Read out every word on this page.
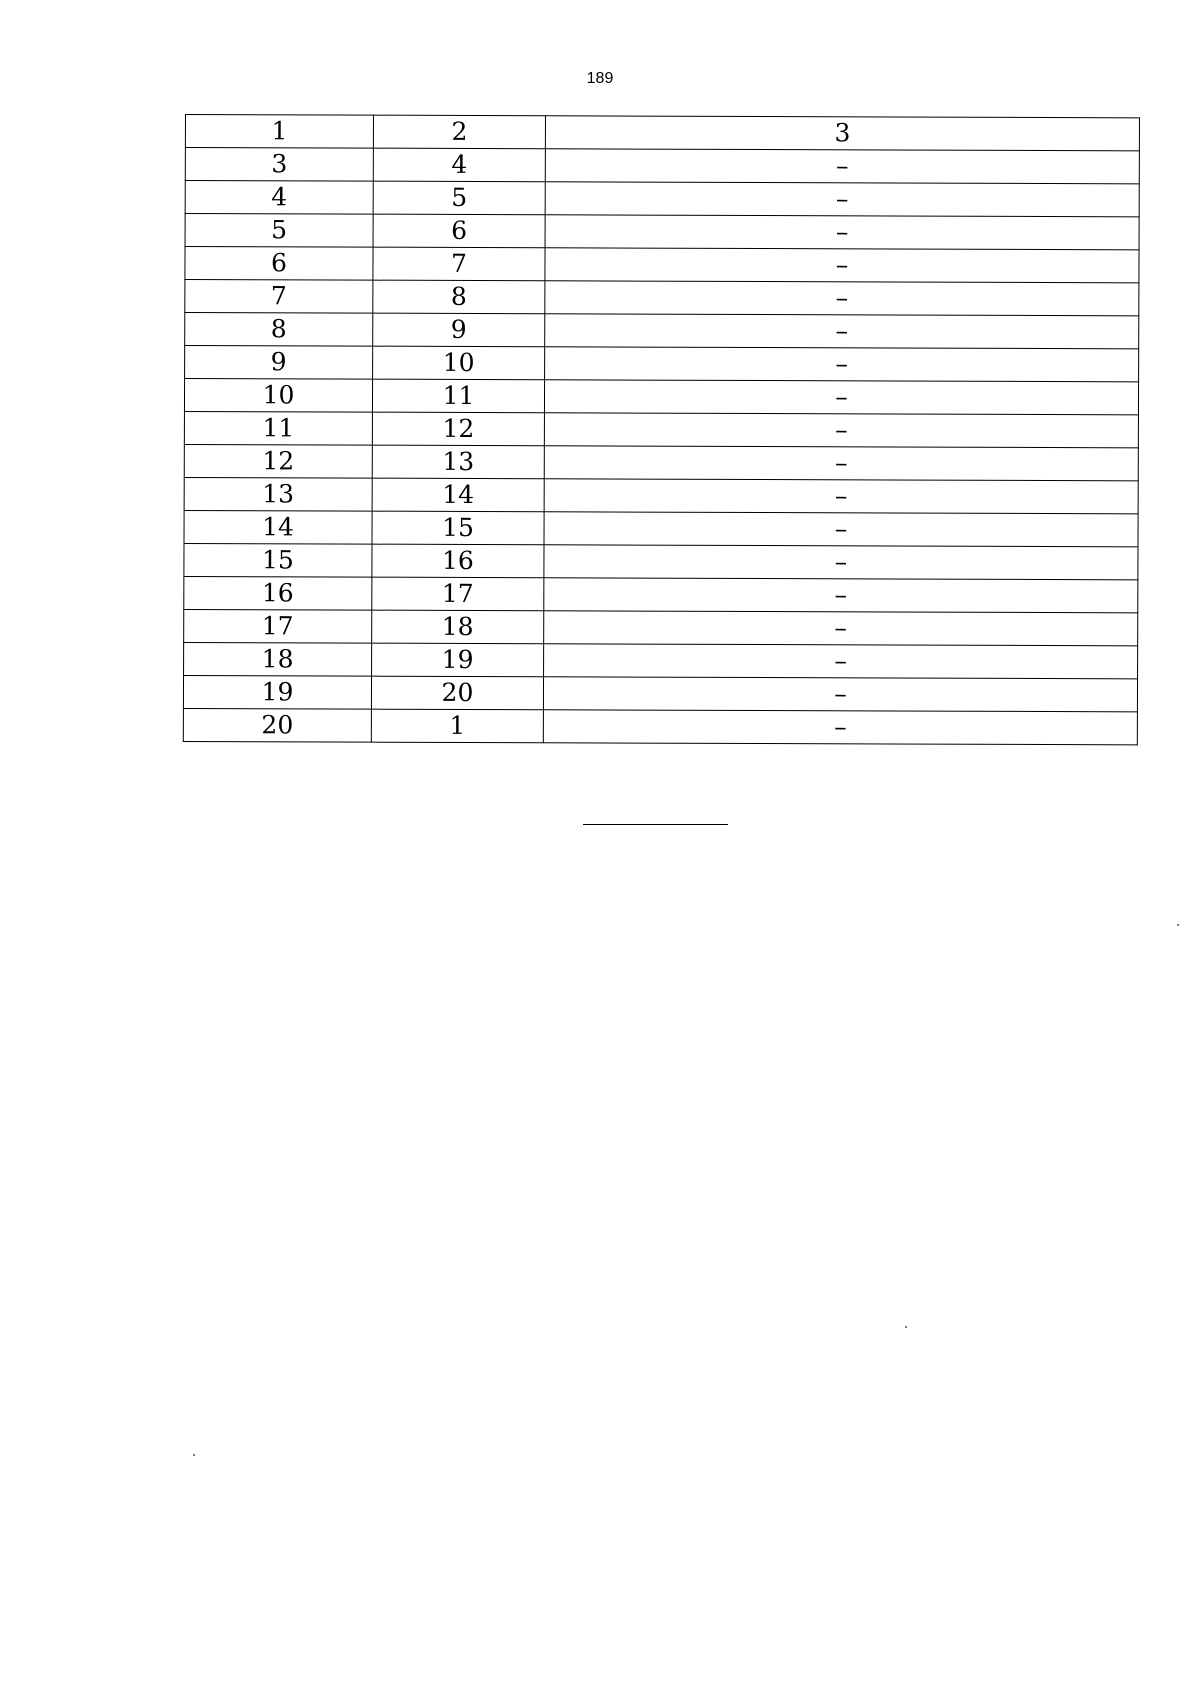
189
1	2	3
3	4	–
4	5	–
5	6	–
6	7	–
7	8	–
8	9	–
9	10	–
10	11	–
11	12	–
12	13	–
13	14	–
14	15	–
15	16	–
16	17	–
17	18	–
18	19	–
19	20	–
20	1	–
